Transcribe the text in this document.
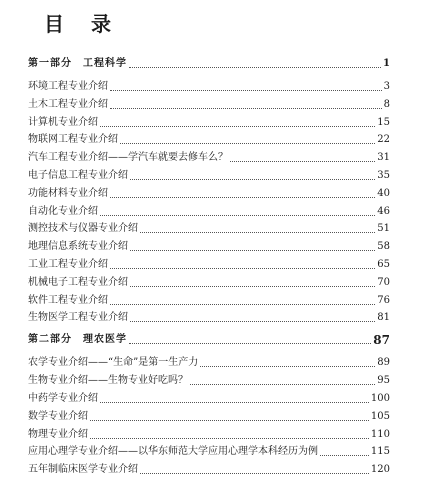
目 录
第一部分　工程科学	1
环境工程专业介绍	3
土木工程专业介绍	8
计算机专业介绍	15
物联网工程专业介绍	22
汽车工程专业介绍——学汽车就要去修车么？	31
电子信息工程专业介绍	35
功能材料专业介绍	40
自动化专业介绍	46
测控技术与仪器专业介绍	51
地理信息系统专业介绍	58
工业工程专业介绍	65
机械电子工程专业介绍	70
软件工程专业介绍	76
生物医学工程专业介绍	81
第二部分　理农医学	87
农学专业介绍——“生命”是第一生产力	89
生物专业介绍——生物专业好吃吗？	95
中药学专业介绍	100
数学专业介绍	105
物理专业介绍	110
应用心理学专业介绍——以华东师范大学应用心理学本科经历为例	115
五年制临床医学专业介绍	120
